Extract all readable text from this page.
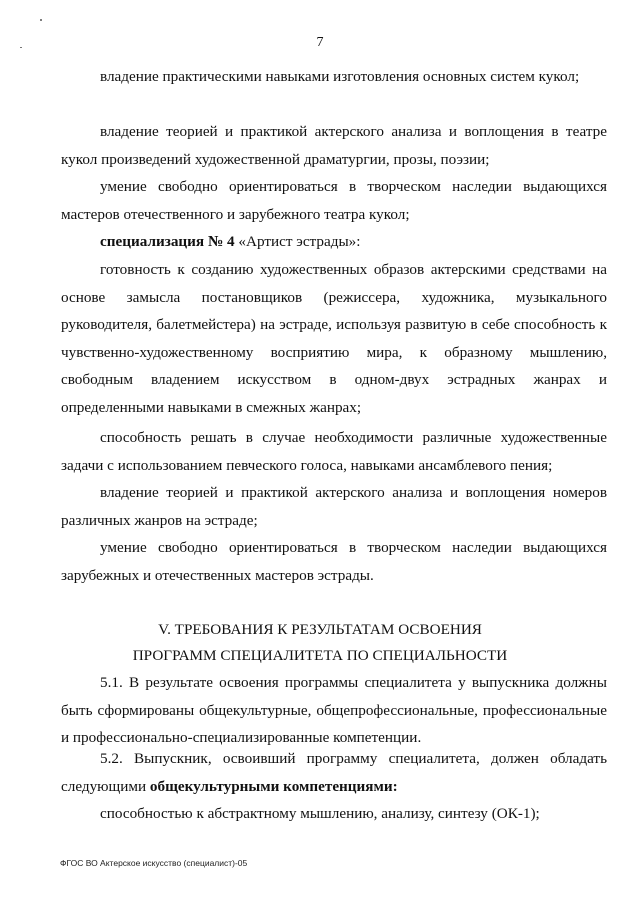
7

владение практическими навыками изготовления основных систем кукол;

владение теорией и практикой актерского анализа и воплощения в театре кукол произведений художественной драматургии, прозы, поэзии;

умение свободно ориентироваться в творческом наследии выдающихся мастеров отечественного и зарубежного театра кукол;

специализация № 4 «Артист эстрады»:

готовность к созданию художественных образов актерскими средствами на основе замысла постановщиков (режиссера, художника, музыкального руководителя, балетмейстера) на эстраде, используя развитую в себе способность к чувственно-художественному восприятию мира, к образному мышлению, свободным владением искусством в одном-двух эстрадных жанрах и определенными навыками в смежных жанрах;

способность решать в случае необходимости различные художественные задачи с использованием певческого голоса, навыками ансамблевого пения;

владение теорией и практикой актерского анализа и воплощения номеров различных жанров на эстраде;

умение свободно ориентироваться в творческом наследии выдающихся зарубежных и отечественных мастеров эстрады.

V. ТРЕБОВАНИЯ К РЕЗУЛЬТАТАМ ОСВОЕНИЯ

ПРОГРАММ СПЕЦИАЛИТЕТА ПО СПЕЦИАЛЬНОСТИ

5.1. В результате освоения программы специалитета у выпускника должны быть сформированы общекультурные, общепрофессиональные, профессиональные и профессионально-специализированные компетенции.

5.2. Выпускник, освоивший программу специалитета, должен обладать следующими общекультурными компетенциями:

способностью к абстрактному мышлению, анализу, синтезу (ОК-1);

ФГОС ВО Актерское искусство (специалист)-05
